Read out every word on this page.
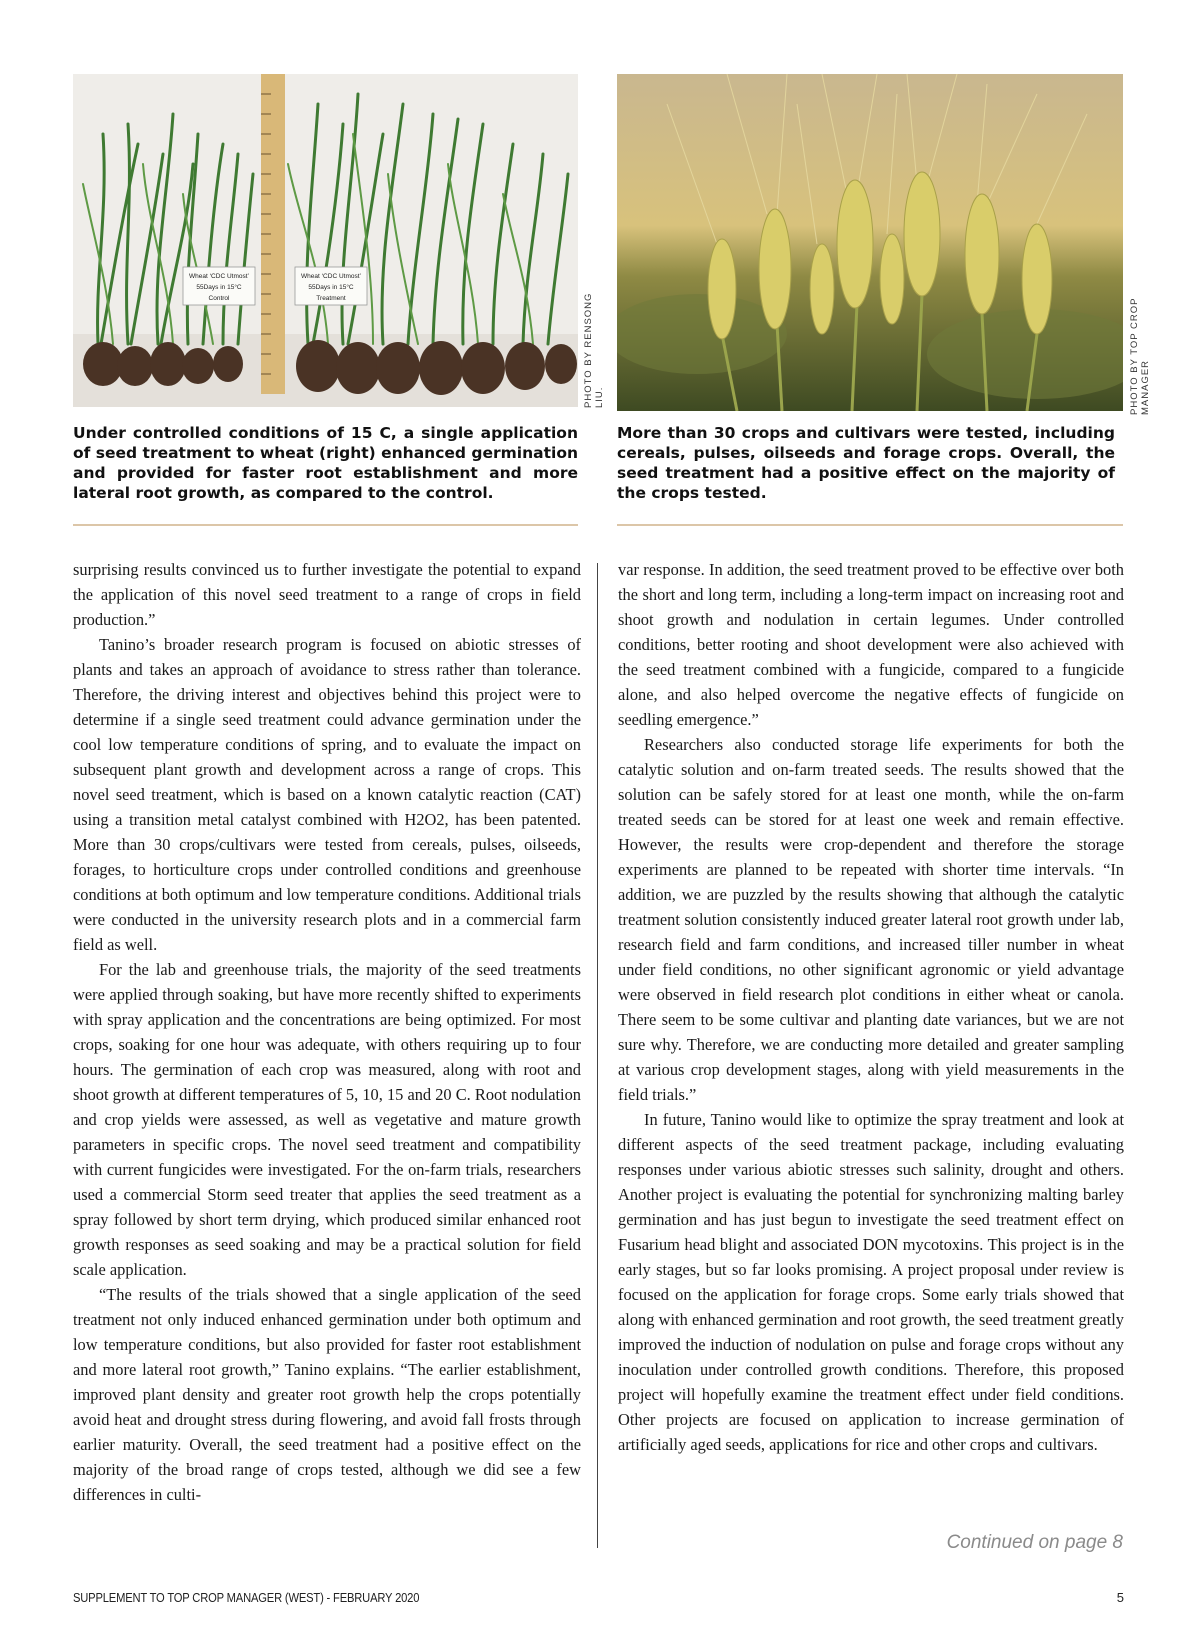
Wheat ‘CDC Utmost’
55Days in 15°C
Control
Wheat ‘CDC Utmost’
55Days in 15°C
Treatment	PHOTO BY RENSONG LIU.	PHOTO BY TOP CROP MANAGER
Under controlled conditions of 15 C, a single application of seed treatment to wheat (right) enhanced germination and provided for faster root establishment and more lateral root growth, as compared to the control.
More than 30 crops and cultivars were tested, including cereals, pulses, oilseeds and forage crops. Overall, the seed treatment had a positive effect on the majority of the crops tested.

surprising results convinced us to further investigate the potential to expand the application of this novel seed treatment to a range of crops in field production.”

Tanino’s broader research program is focused on abiotic stresses of plants and takes an approach of avoidance to stress rather than tolerance. Therefore, the driving interest and objectives behind this project were to determine if a single seed treatment could advance germination under the cool low temperature conditions of spring, and to evaluate the impact on subsequent plant growth and development across a range of crops. This novel seed treatment, which is based on a known catalytic reaction (CAT) using a transition metal catalyst combined with H2O2, has been patented. More than 30 crops/cultivars were tested from cereals, pulses, oilseeds, forages, to horticulture crops under controlled conditions and greenhouse conditions at both optimum and low temperature conditions. Additional trials were conducted in the university research plots and in a commercial farm field as well.

For the lab and greenhouse trials, the majority of the seed treatments were applied through soaking, but have more recently shifted to experiments with spray application and the concentrations are being optimized. For most crops, soaking for one hour was adequate, with others requiring up to four hours. The germination of each crop was measured, along with root and shoot growth at different temperatures of 5, 10, 15 and 20 C. Root nodulation and crop yields were assessed, as well as vegetative and mature growth parameters in specific crops. The novel seed treatment and compatibility with current fungicides were investigated. For the on-farm trials, researchers used a commercial Storm seed treater that applies the seed treatment as a spray followed by short term drying, which produced similar enhanced root growth responses as seed soaking and may be a practical solution for field scale application.

“The results of the trials showed that a single application of the seed treatment not only induced enhanced germination under both optimum and low temperature conditions, but also provided for faster root establishment and more lateral root growth,” Tanino explains. “The earlier establishment, improved plant density and greater root growth help the crops potentially avoid heat and drought stress during flowering, and avoid fall frosts through earlier maturity. Overall, the seed treatment had a positive effect on the majority of the broad range of crops tested, although we did see a few differences in culti-

var response. In addition, the seed treatment proved to be effective over both the short and long term, including a long-term impact on increasing root and shoot growth and nodulation in certain legumes. Under controlled conditions, better rooting and shoot development were also achieved with the seed treatment combined with a fungicide, compared to a fungicide alone, and also helped overcome the negative effects of fungicide on seedling emergence.”

Researchers also conducted storage life experiments for both the catalytic solution and on-farm treated seeds. The results showed that the solution can be safely stored for at least one month, while the on-farm treated seeds can be stored for at least one week and remain effective. However, the results were crop-dependent and therefore the storage experiments are planned to be repeated with shorter time intervals. “In addition, we are puzzled by the results showing that although the catalytic treatment solution consistently induced greater lateral root growth under lab, research field and farm conditions, and increased tiller number in wheat under field conditions, no other significant agronomic or yield advantage were observed in field research plot conditions in either wheat or canola. There seem to be some cultivar and planting date variances, but we are not sure why. Therefore, we are conducting more detailed and greater sampling at various crop development stages, along with yield measurements in the field trials.”

In future, Tanino would like to optimize the spray treatment and look at different aspects of the seed treatment package, including evaluating responses under various abiotic stresses such salinity, drought and others. Another project is evaluating the potential for synchronizing malting barley germination and has just begun to investigate the seed treatment effect on Fusarium head blight and associated DON mycotoxins. This project is in the early stages, but so far looks promising. A project proposal under review is focused on the application for forage crops. Some early trials showed that along with enhanced germination and root growth, the seed treatment greatly improved the induction of nodulation on pulse and forage crops without any inoculation under controlled growth conditions. Therefore, this proposed project will hopefully examine the treatment effect under field conditions. Other projects are focused on application to increase germination of artificially aged seeds, applications for rice and other crops and cultivars.

Continued on page 8
SUPPLEMENT TO TOP CROP MANAGER (WEST) - FEBRUARY 2020	5
